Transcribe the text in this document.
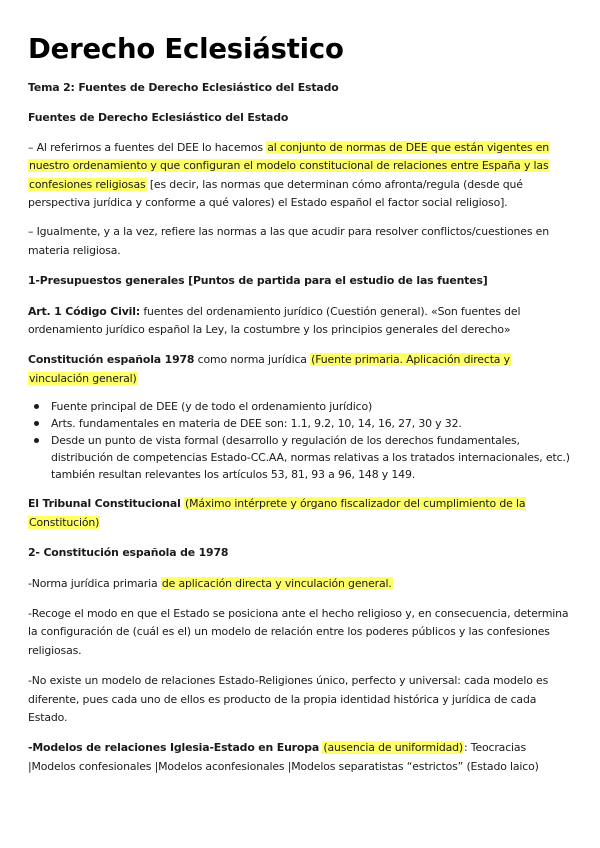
Derecho Eclesiástico

Tema 2: Fuentes de Derecho Eclesiástico del Estado

Fuentes de Derecho Eclesiástico del Estado

– Al referirnos a fuentes del DEE lo hacemos al conjunto de normas de DEE que están vigentes en nuestro ordenamiento y que configuran el modelo constitucional de relaciones entre España y las confesiones religiosas [es decir, las normas que determinan cómo afronta/regula (desde qué perspectiva jurídica y conforme a qué valores) el Estado español el factor social religioso].

– Igualmente, y a la vez, refiere las normas a las que acudir para resolver conflictos/cuestiones en materia religiosa.

1-Presupuestos generales [Puntos de partida para el estudio de las fuentes]

Art. 1 Código Civil: fuentes del ordenamiento jurídico (Cuestión general). «Son fuentes del ordenamiento jurídico español la Ley, la costumbre y los principios generales del derecho»

Constitución española 1978 como norma jurídica (Fuente primaria. Aplicación directa y vinculación general)

Fuente principal de DEE (y de todo el ordenamiento jurídico)
Arts. fundamentales en materia de DEE son: 1.1, 9.2, 10, 14, 16, 27, 30 y 32.
Desde un punto de vista formal (desarrollo y regulación de los derechos fundamentales, distribución de competencias Estado-CC.AA, normas relativas a los tratados internacionales, etc.) también resultan relevantes los artículos 53, 81, 93 a 96, 148 y 149.

El Tribunal Constitucional (Máximo intérprete y órgano fiscalizador del cumplimiento de la Constitución)

2- Constitución española de 1978

-Norma jurídica primaria de aplicación directa y vinculación general.

-Recoge el modo en que el Estado se posiciona ante el hecho religioso y, en consecuencia, determina la configuración de (cuál es el) un modelo de relación entre los poderes públicos y las confesiones religiosas.

-No existe un modelo de relaciones Estado-Religiones único, perfecto y universal: cada modelo es diferente, pues cada uno de ellos es producto de la propia identidad histórica y jurídica de cada Estado.

-Modelos de relaciones Iglesia-Estado en Europa (ausencia de uniformidad): Teocracias |Modelos confesionales |Modelos aconfesionales |Modelos separatistas “estrictos” (Estado laico)
